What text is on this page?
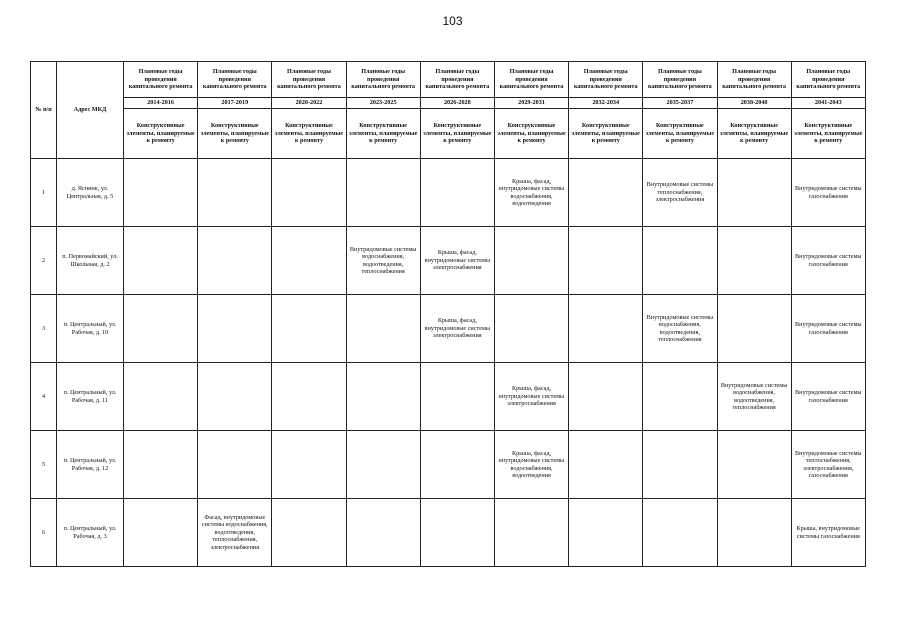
103
№ п/п	Адрес МКД	Плановые годы проведения капитального ремонта	Плановые годы проведения капитального ремонта	Плановые годы проведения капитального ремонта	Плановые годы проведения капитального ремонта	Плановые годы проведения капитального ремонта	Плановые годы проведения капитального ремонта	Плановые годы проведения капитального ремонта	Плановые годы проведения капитального ремонта	Плановые годы проведения капитального ремонта	Плановые годы проведения капитального ремонта
		2014-2016	2017-2019	2020-2022	2023-2025	2026-2028	2029-2031	2032-2034	2035-2037	2038-2040	2041-2043
		Конструктивные элементы, планируемые к ремонту	Конструктивные элементы, планируемые к ремонту	Конструктивные элементы, планируемые к ремонту	Конструктивные элементы, планируемые к ремонту	Конструктивные элементы, планируемые к ремонту	Конструктивные элементы, планируемые к ремонту	Конструктивные элементы, планируемые к ремонту	Конструктивные элементы, планируемые к ремонту	Конструктивные элементы, планируемые к ремонту	Конструктивные элементы, планируемые к ремонту
1	д. Яснинк, ул. Центральная, д. 5						Крыша, фасад, внутридомовые системы водоснабжения, водоотведения		Внутридомовые системы теплоснабжения, электроснабжения		Внутридомовые системы газоснабжения
2	п. Первомайский, ул. Школьная, д. 2				Внутридомовые системы водоснабжения, водоотведения, теплоснабжения	Крыша, фасад, внутридомовые системы электроснабжения					Внутридомовые системы газоснабжения
3	п. Центральный, ул. Рабочая, д. 10					Крыша, фасад, внутридомовые системы электроснабжения			Внутридомовые системы водоснабжения, водоотведения, теплоснабжения		Внутридомовые системы газоснабжения
4	п. Центральный, ул. Рабочая, д. 11						Крыша, фасад, внутридомовые системы электроснабжения			Внутридомовые системы водоснабжения, водоотведения, теплоснабжения	Внутридомовые системы газоснабжения
5	п. Центральный, ул. Рабочая, д. 12						Крыша, фасад, внутридомовые системы водоснабжения, водоотведения				Внутридомовые системы теплоснабжения, электроснабжения, газоснабжения
6	п. Центральный, ул. Рабочая, д. 3		Фасад, внутридомовые системы водоснабжения, водоотведения, теплоснабжения, электроснабжения								Крыша, внутридомовые системы газоснабжения
